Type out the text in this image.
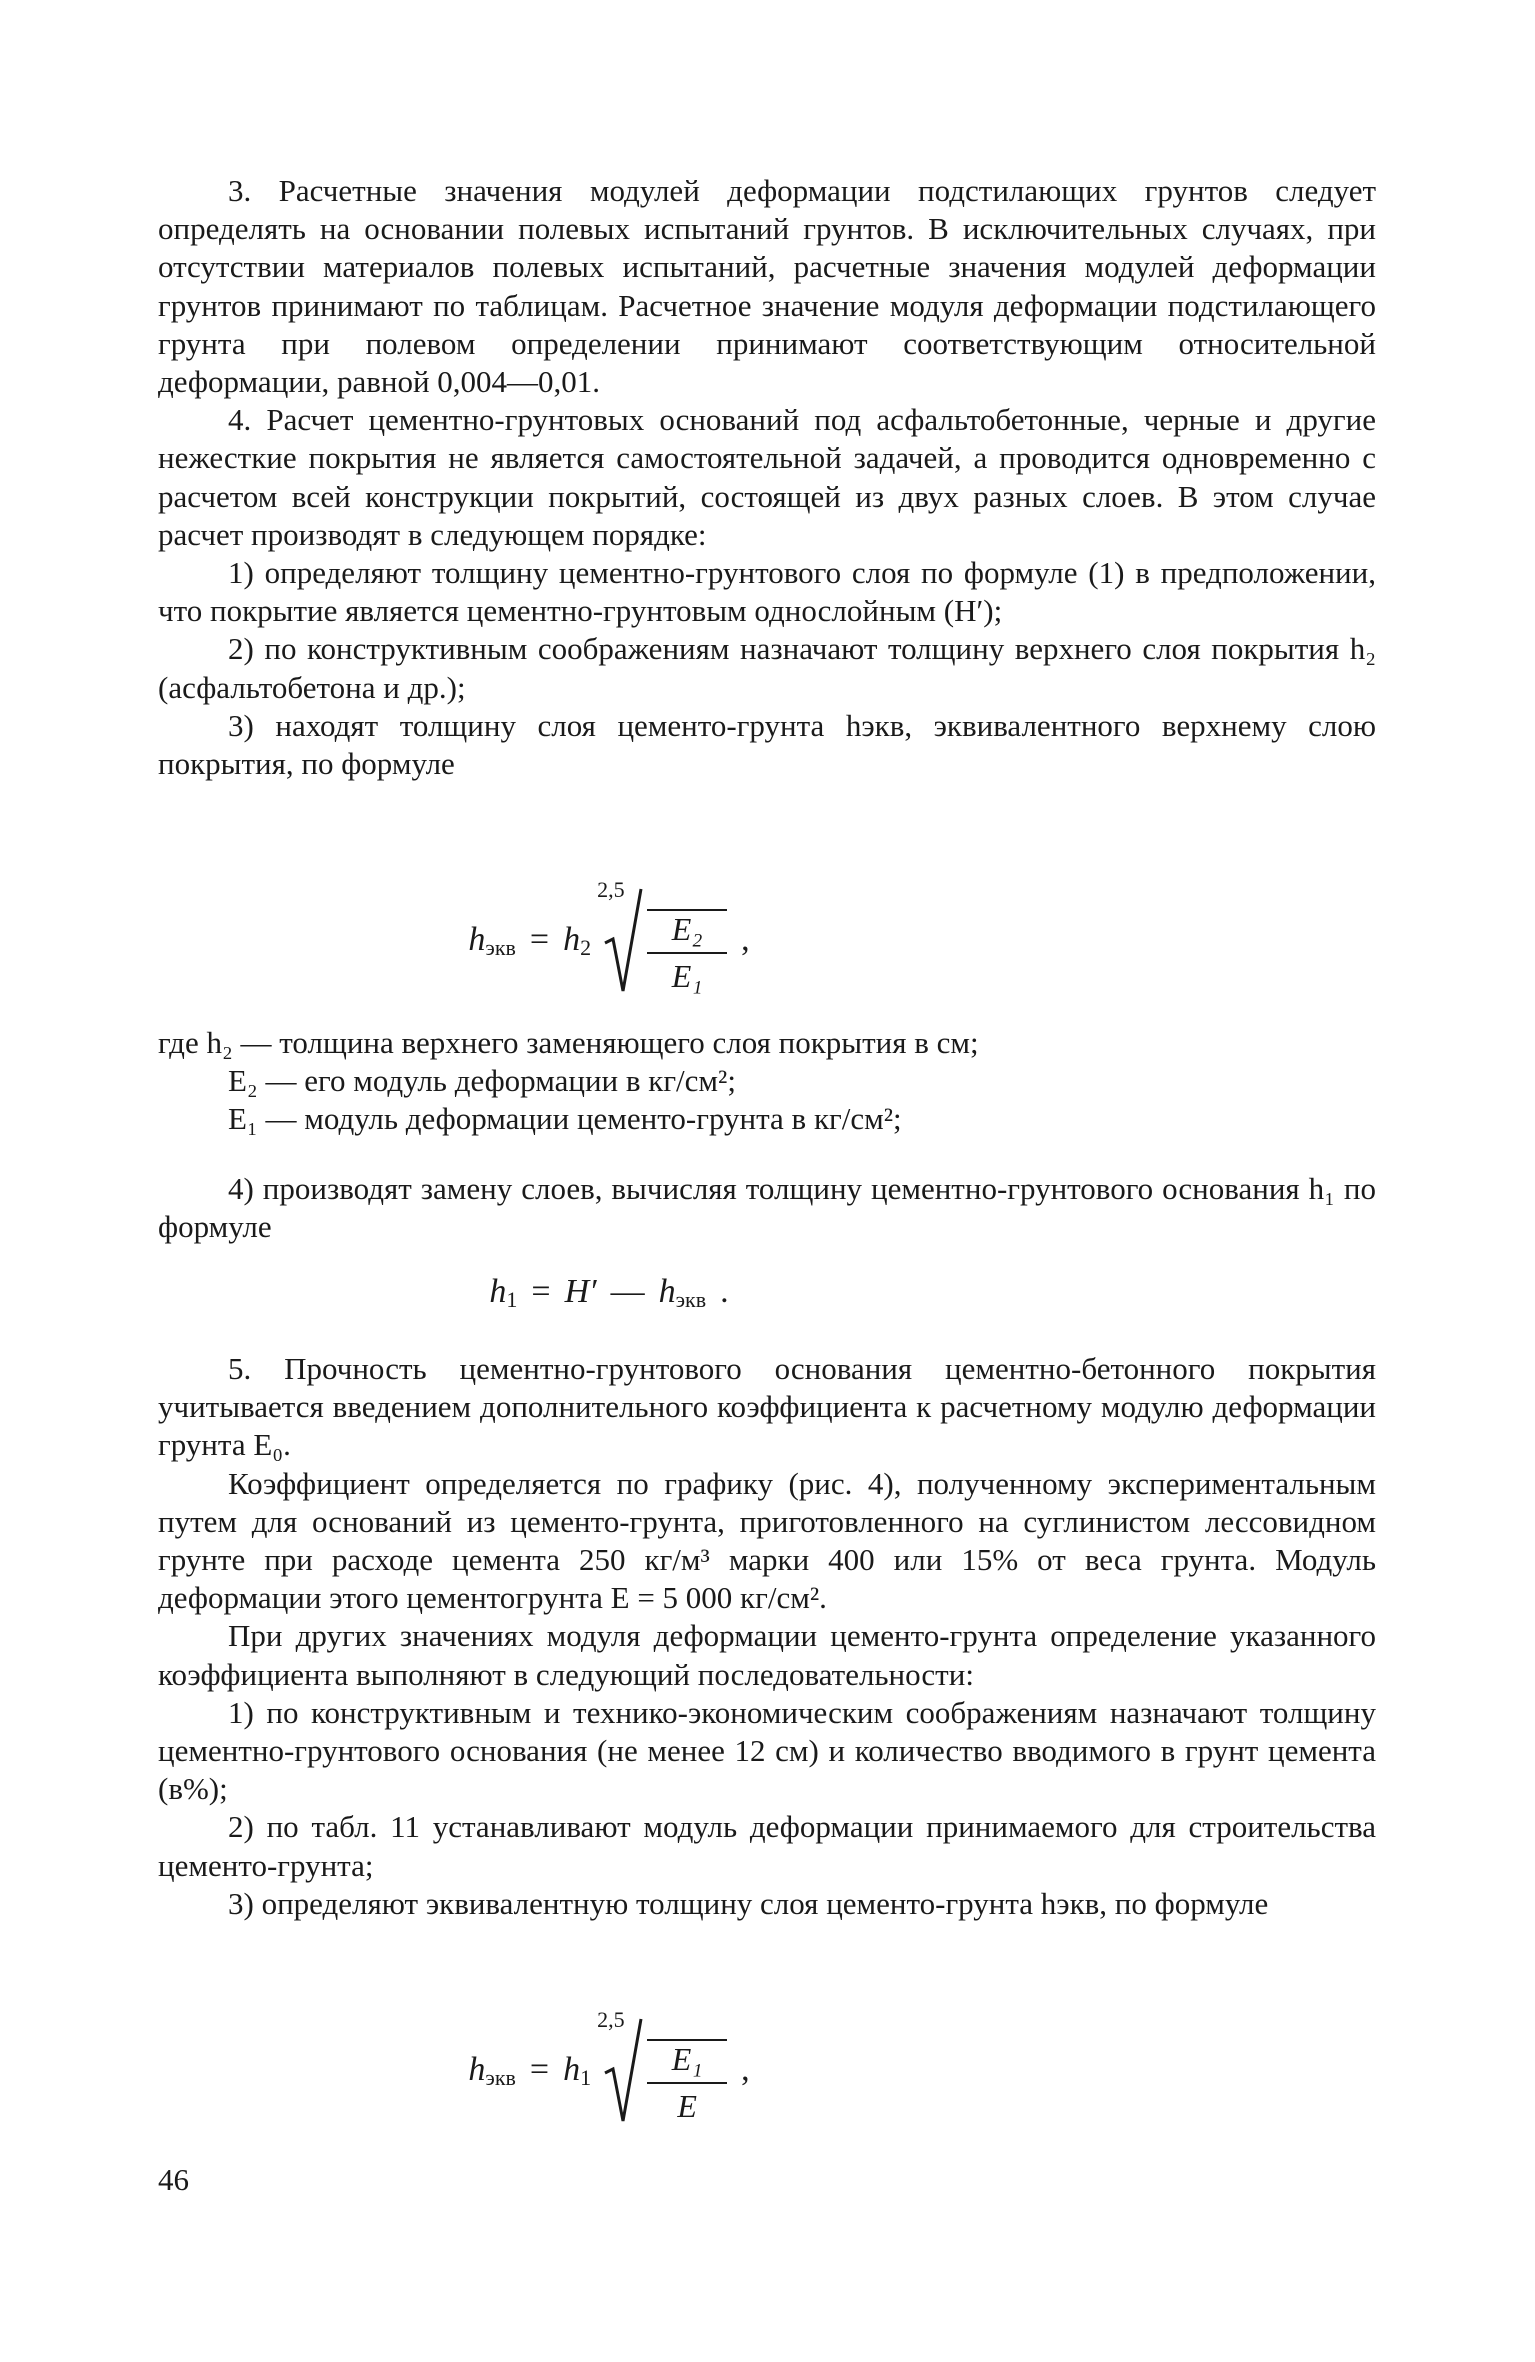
3. Расчетные значения модулей деформации подстилающих грунтов следует определять на основании полевых испытаний грунтов. В исключительных случаях, при отсутствии материалов полевых испытаний, расчетные значения модулей деформации грунтов принимают по таблицам. Расчетное значение модуля деформации подстилающего грунта при полевом определении принимают соответствующим относительной деформации, равной 0,004—0,01.

4. Расчет цементно-грунтовых оснований под асфальтобетонные, черные и другие нежесткие покрытия не является самостоятельной задачей, а проводится одновременно с расчетом всей конструкции покрытий, состоящей из двух разных слоев. В этом случае расчет производят в следующем порядке:

1) определяют толщину цементно-грунтового слоя по формуле (1) в предположении, что покрытие является цементно-грунтовым однослойным (H′);

2) по конструктивным соображениям назначают толщину верхнего слоя покрытия h₂ (асфальтобетона и др.);

3) находят толщину слоя цементо-грунта hэкв, эквивалентного верхнему слою покрытия, по формуле

h экв = h 2
2,5
$\frac{\text{E₂}}{\text{E₁}}$ ,

где h₂ — толщина верхнего заменяющего слоя покрытия в см;

E₂ — его модуль деформации в кг/см²;

E₁ — модуль деформации цементо-грунта в кг/см²;

4) производят замену слоев, вычисляя толщину цементно-грунтового основания h₁ по формуле

h 1 = H′ — h экв .

5. Прочность цементно-грунтового основания цементно-бетонного покрытия учитывается введением дополнительного коэффициента к расчетному модулю деформации грунта E₀.

Коэффициент определяется по графику (рис. 4), полученному экспериментальным путем для оснований из цементо-грунта, приготовленного на суглинистом лессовидном грунте при расходе цемента 250 кг/м³ марки 400 или 15% от веса грунта. Модуль деформации этого цементогрунта E = 5 000 кг/см².

При других значениях модуля деформации цементо-грунта определение указанного коэффициента выполняют в следующий последовательности:

1) по конструктивным и технико-экономическим соображениям назначают толщину цементно-грунтового основания (не менее 12 см) и количество вводимого в грунт цемента (в%);

2) по табл. 11 устанавливают модуль деформации принимаемого для строительства цементо-грунта;

3) определяют эквивалентную толщину слоя цементо-грунта hэкв, по формуле

h экв = h 1
2,5
$\frac{\text{E₁}}{E}$ ,
46
